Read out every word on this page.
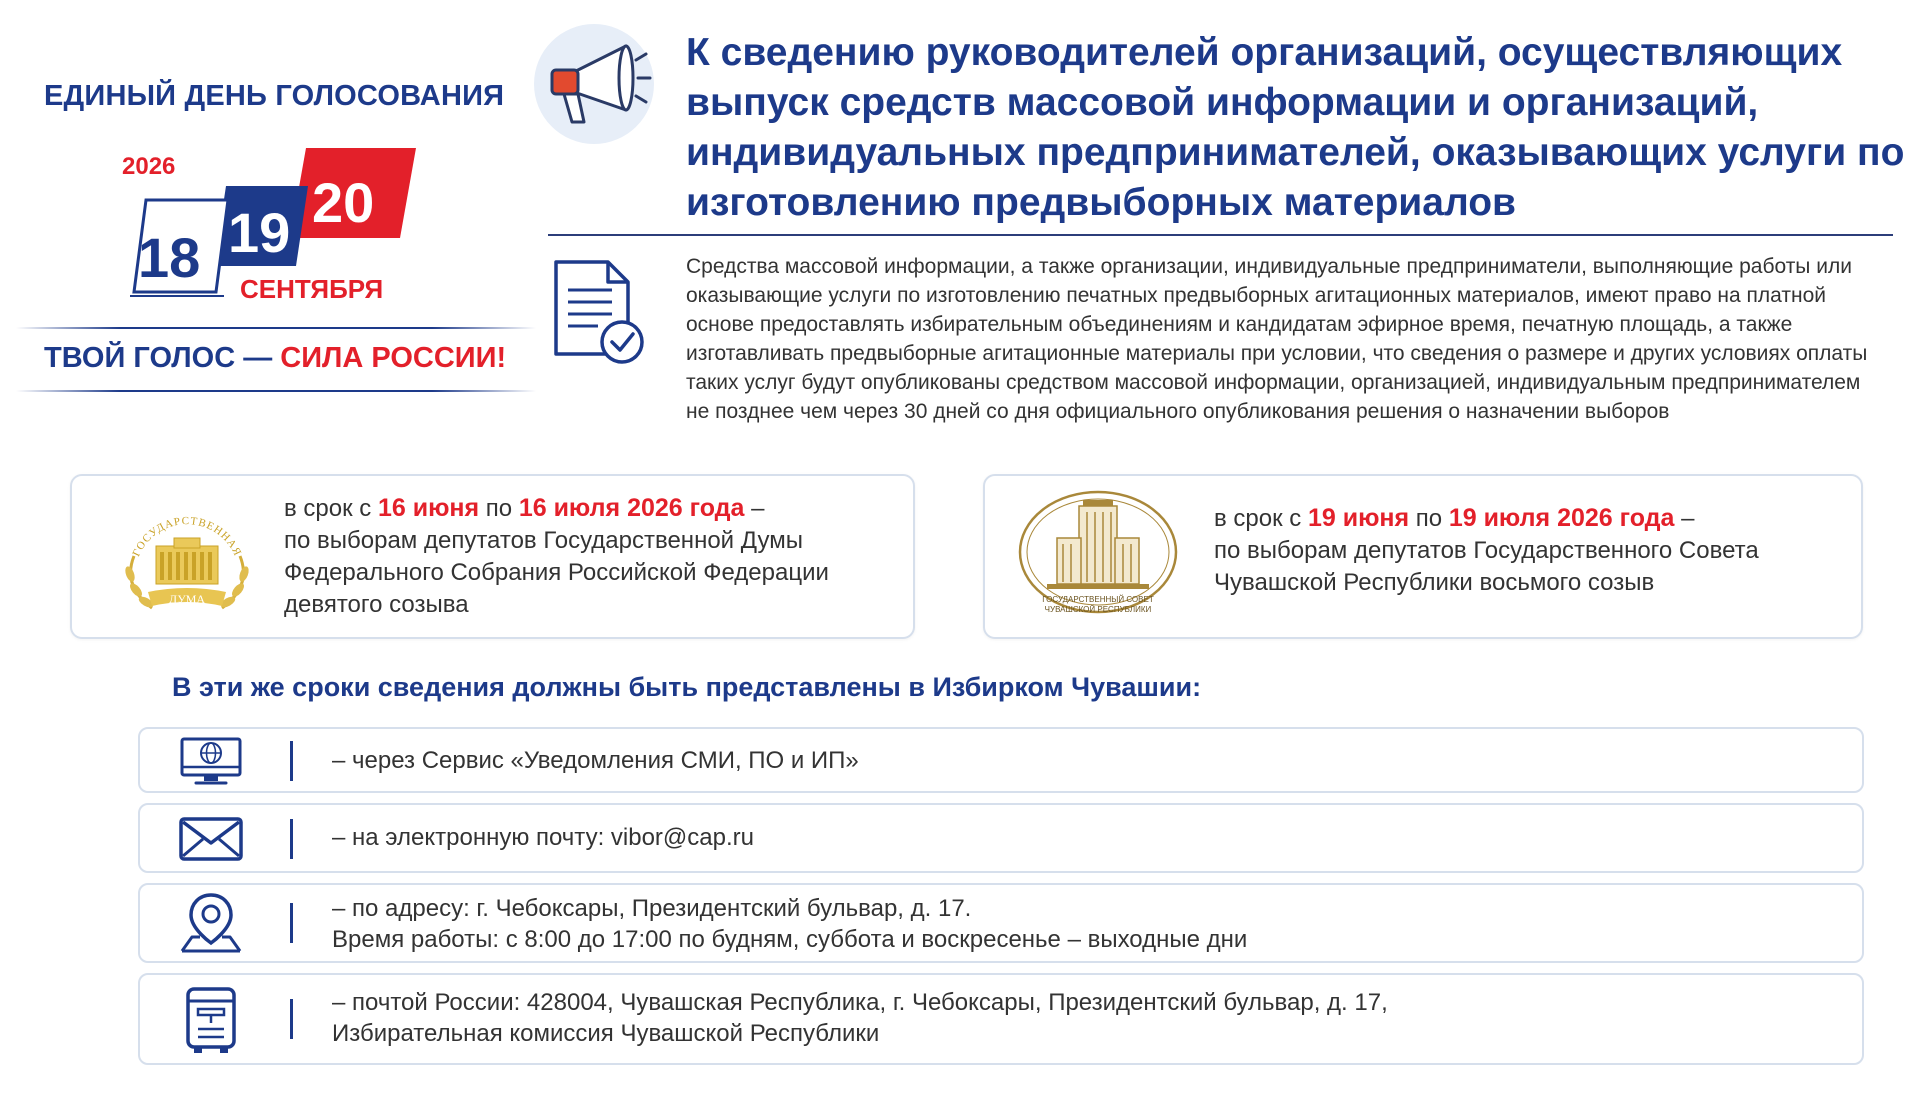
ЕДИНЫЙ ДЕНЬ ГОЛОСОВАНИЯ
2026
18 19 20
СЕНТЯБРЯ
ТВОЙ ГОЛОС — СИЛА РОССИИ!
К сведению руководителей организаций, осуществляющих выпуск средств массовой информации и организаций, индивидуальных предпринимателей, оказывающих услуги по изготовлению предвыборных материалов
Средства массовой информации, а также организации, индивидуальные предприниматели, выполняющие работы или оказывающие услуги по изготовлению печатных предвыборных агитационных материалов, имеют право на платной основе предоставлять избирательным объединениям и кандидатам эфирное время, печатную площадь, а также изготавливать предвыборные агитационные материалы при условии, что сведения о размере и других условиях оплаты таких услуг будут опубликованы средством массовой информации, организацией, индивидуальным предпринимателем не позднее чем через 30 дней со дня официального опубликования решения о назначении выборов
ГОСУДАРСТВЕННАЯ
ДУМА
в срок с 16 июня по 16 июля 2026 года –
по выборам депутатов Государственной Думы Федерального Собрания Российской Федерации девятого созыва	ГОСУДАРСТВЕННЫЙ СОВЕТ
ЧУВАШСКОЙ РЕСПУБЛИКИ
в срок с 19 июня по 19 июля 2026 года –
по выборам депутатов Государственного Совета Чувашской Республики восьмого созыв
В эти же сроки сведения должны быть представлены в Избирком Чувашии:
– через Сервис «Уведомления СМИ, ПО и ИП»
– на электронную почту: vibor@cap.ru
– по адресу: г. Чебоксары, Президентский бульвар, д. 17.
Время работы: с 8:00 до 17:00 по будням, суббота и воскресенье – выходные дни
– почтой России: 428004, Чувашская Республика, г. Чебоксары, Президентский бульвар, д. 17,
Избирательная комиссия Чувашской Республики
